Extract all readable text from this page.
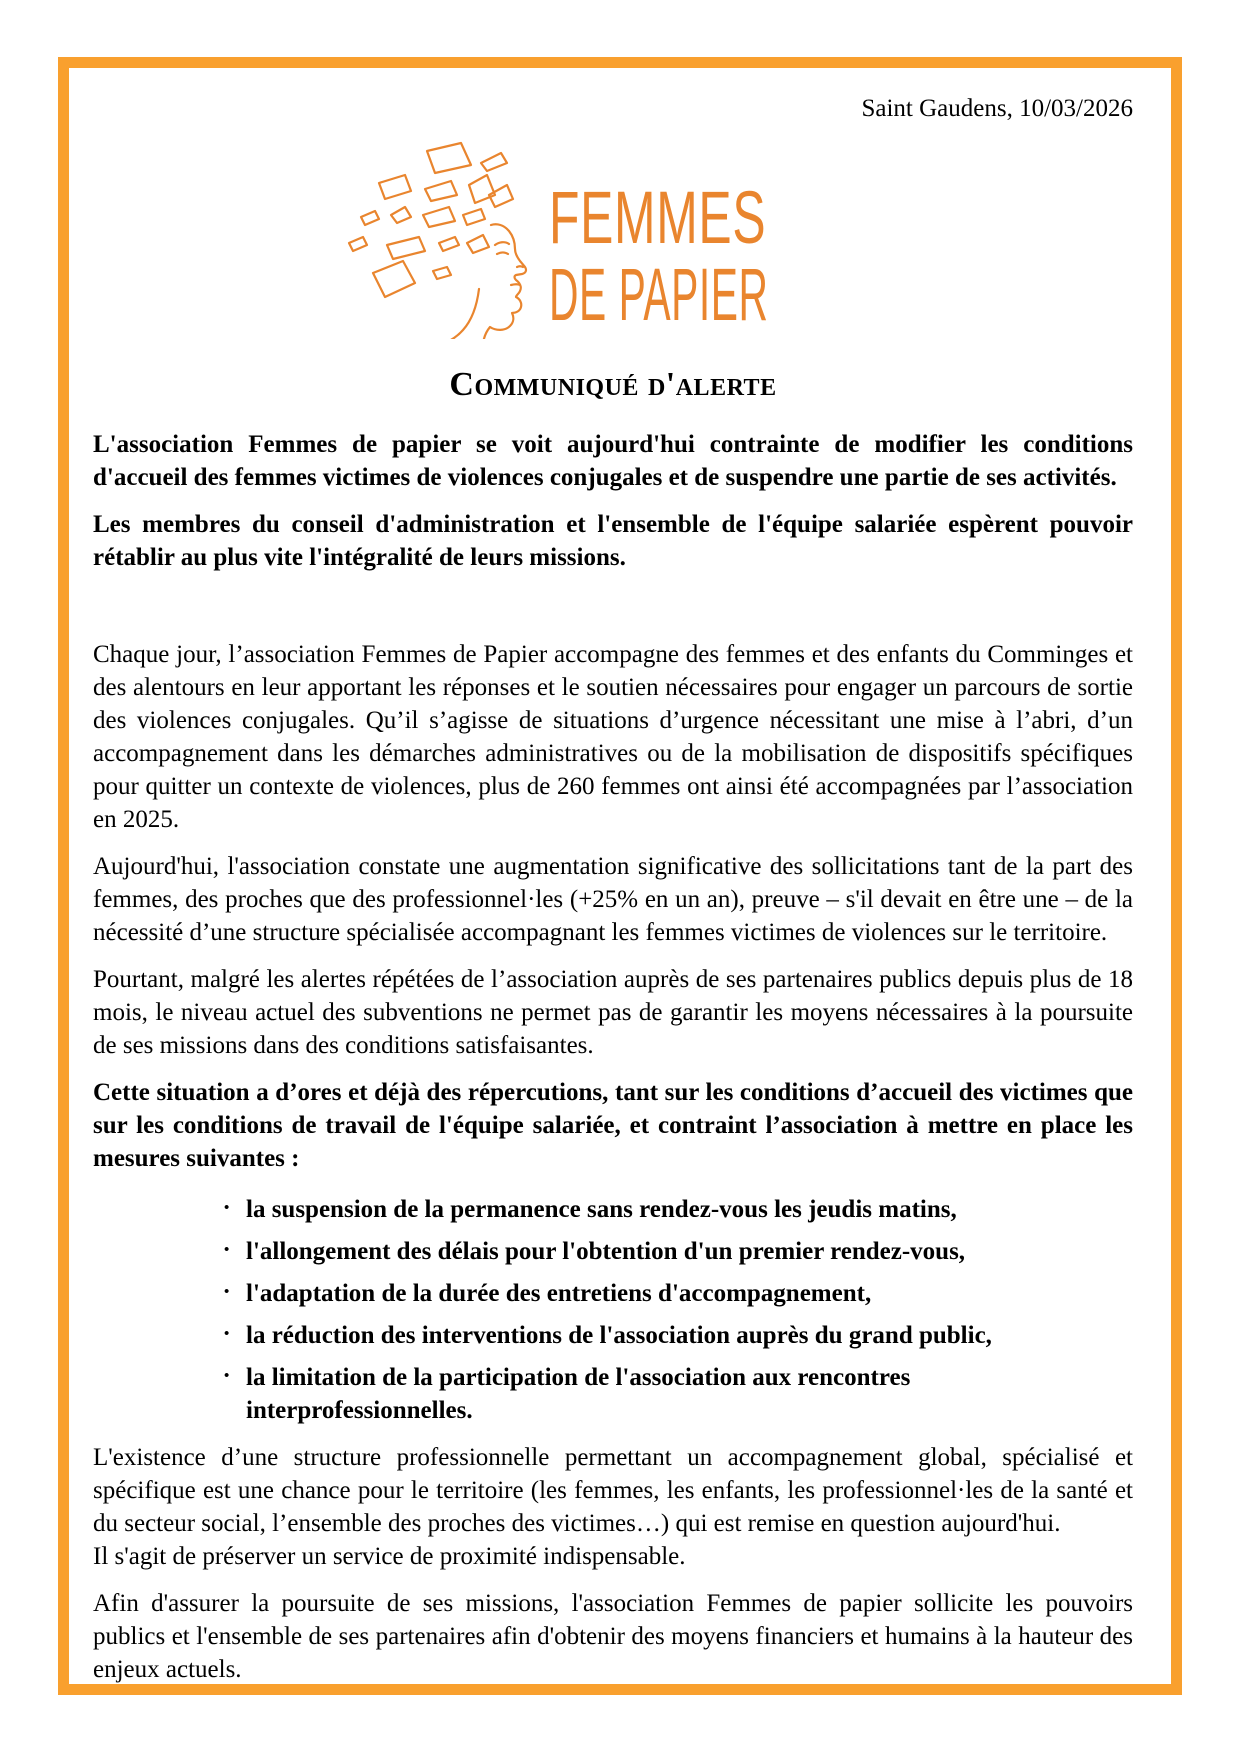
Saint Gaudens, 10/03/2026
FEMMES
DE PAPIER
Communiqué d'alerte

L'association Femmes de papier se voit aujourd'hui contrainte de modifier les conditions d'accueil des femmes victimes de violences conjugales et de suspendre une partie de ses activités.

Les membres du conseil d'administration et l'ensemble de l'équipe salariée espèrent pouvoir rétablir au plus vite l'intégralité de leurs missions.

Chaque jour, l’association Femmes de Papier accompagne des femmes et des enfants du Comminges et des alentours en leur apportant les réponses et le soutien nécessaires pour engager un parcours de sortie des violences conjugales. Qu’il s’agisse de situations d’urgence nécessitant une mise à l’abri, d’un accompagnement dans les démarches administratives ou de la mobilisation de dispositifs spécifiques pour quitter un contexte de violences, plus de 260 femmes ont ainsi été accompagnées par l’association en 2025.

Aujourd'hui, l'association constate une augmentation significative des sollicitations tant de la part des femmes, des proches que des professionnel·les (+25% en un an), preuve – s'il devait en être une – de la nécessité d’une structure spécialisée accompagnant les femmes victimes de violences sur le territoire.

Pourtant, malgré les alertes répétées de l’association auprès de ses partenaires publics depuis plus de 18 mois, le niveau actuel des subventions ne permet pas de garantir les moyens nécessaires à la poursuite de ses missions dans des conditions satisfaisantes.

Cette situation a d’ores et déjà des répercutions, tant sur les conditions d’accueil des victimes que sur les conditions de travail de l'équipe salariée, et contraint l’association à mettre en place les mesures suivantes :

• la suspension de la permanence sans rendez-vous les jeudis matins,
• l'allongement des délais pour l'obtention d'un premier rendez-vous,
• l'adaptation de la durée des entretiens d'accompagnement,
• la réduction des interventions de l'association auprès du grand public,
• la limitation de la participation de l'association aux rencontres interprofessionnelles.

L'existence d’une structure professionnelle permettant un accompagnement global, spécialisé et spécifique est une chance pour le territoire (les femmes, les enfants, les professionnel·les de la santé et du secteur social, l’ensemble des proches des victimes…) qui est remise en question aujourd'hui.
Il s'agit de préserver un service de proximité indispensable.

Afin d'assurer la poursuite de ses missions, l'association Femmes de papier sollicite les pouvoirs publics et l'ensemble de ses partenaires afin d'obtenir des moyens financiers et humains à la hauteur des enjeux actuels.
